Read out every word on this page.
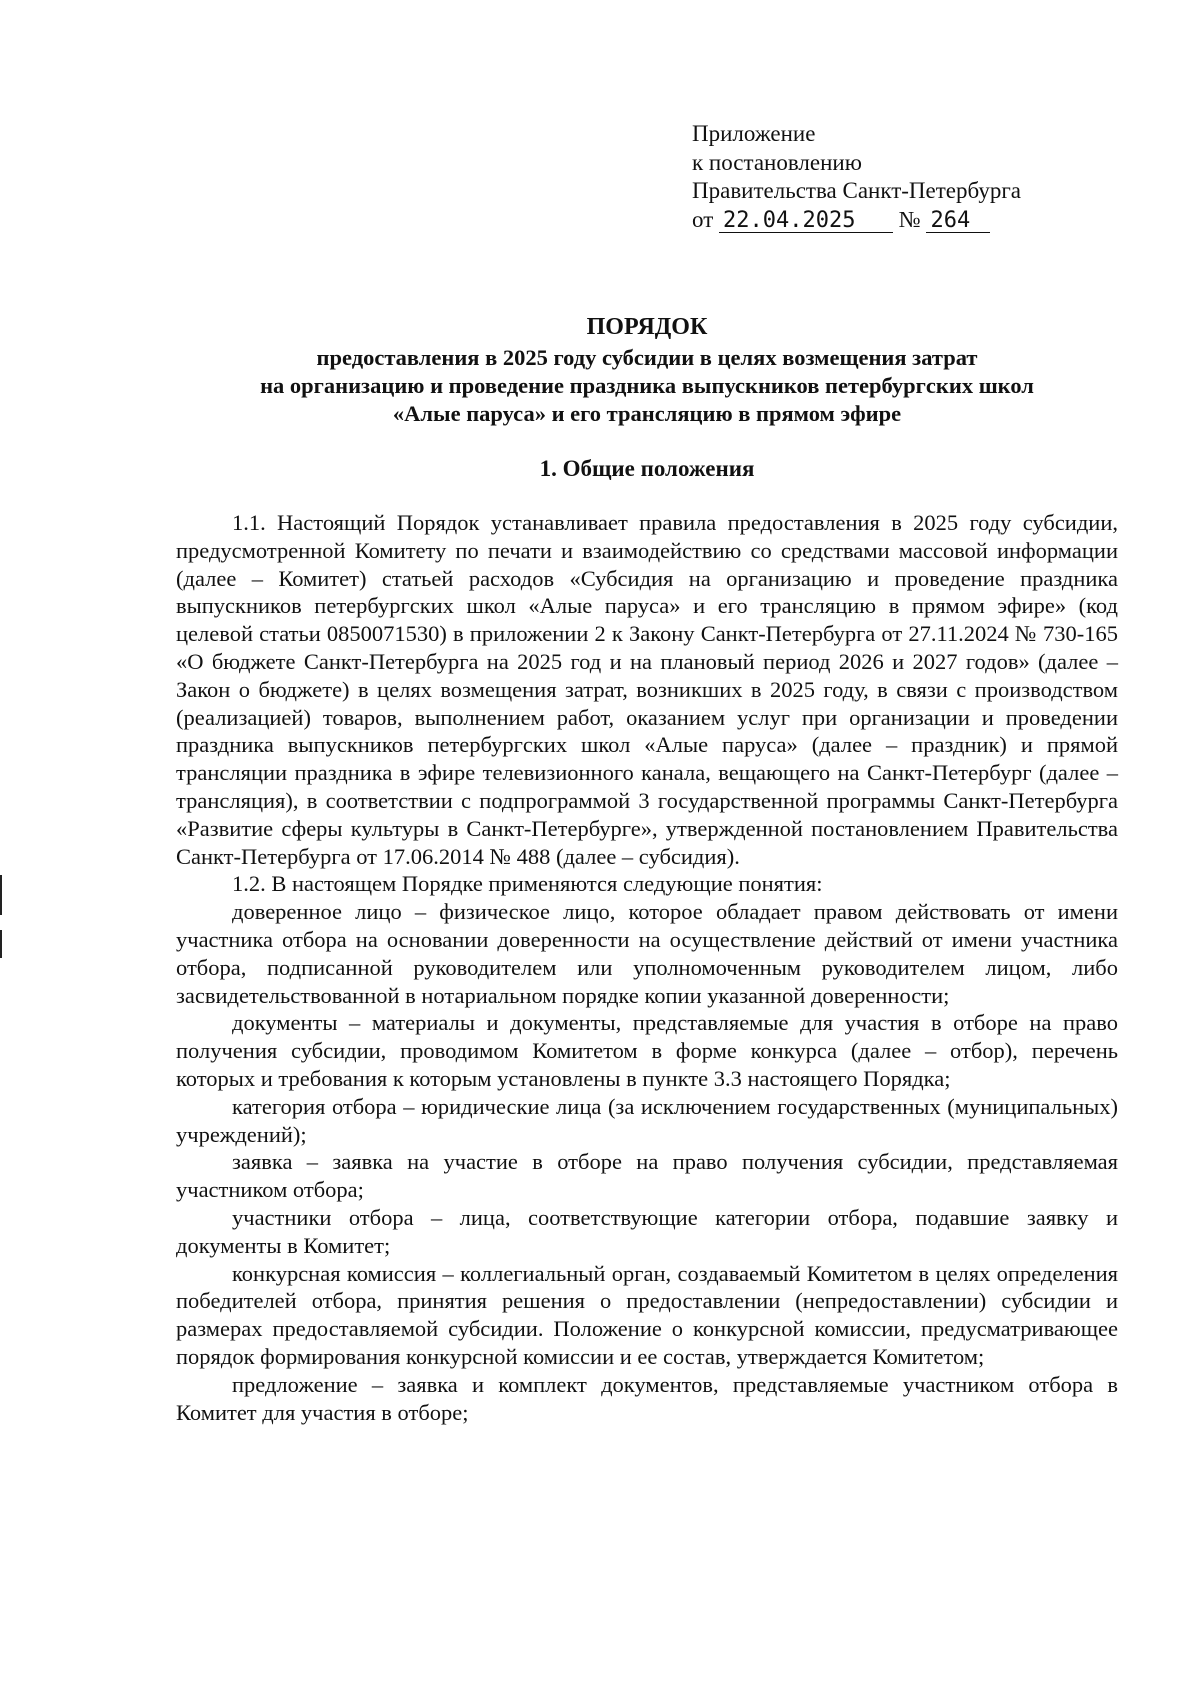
Приложение
к постановлению
Правительства Санкт-Петербурга
от 22.04.2025 № 264
ПОРЯДОК
предоставления в 2025 году субсидии в целях возмещения затрат
на организацию и проведение праздника выпускников петербургских школ
«Алые паруса» и его трансляцию в прямом эфире
1. Общие положения

1.1. Настоящий Порядок устанавливает правила предоставления в 2025 году субсидии, предусмотренной Комитету по печати и взаимодействию со средствами массовой информации (далее – Комитет) статьей расходов «Субсидия на организацию и проведение праздника выпускников петербургских школ «Алые паруса» и его трансляцию в прямом эфире» (код целевой статьи 0850071530) в приложении 2 к Закону Санкт-Петербурга от 27.11.2024 № 730-165 «О бюджете Санкт-Петербурга на 2025 год и на плановый период 2026 и 2027 годов» (далее – Закон о бюджете) в целях возмещения затрат, возникших в 2025 году, в связи с производством (реализацией) товаров, выполнением работ, оказанием услуг при организации и проведении праздника выпускников петербургских школ «Алые паруса» (далее – праздник) и прямой трансляции праздника в эфире телевизионного канала, вещающего на Санкт-Петербург (далее – трансляция), в соответствии с подпрограммой 3 государственной программы Санкт-Петербурга «Развитие сферы культуры в Санкт-Петербурге», утвержденной постановлением Правительства Санкт-Петербурга от 17.06.2014 № 488 (далее – субсидия).

1.2. В настоящем Порядке применяются следующие понятия:

доверенное лицо – физическое лицо, которое обладает правом действовать от имени участника отбора на основании доверенности на осуществление действий от имени участника отбора, подписанной руководителем или уполномоченным руководителем лицом, либо засвидетельствованной в нотариальном порядке копии указанной доверенности;

документы – материалы и документы, представляемые для участия в отборе на право получения субсидии, проводимом Комитетом в форме конкурса (далее – отбор), перечень которых и требования к которым установлены в пункте 3.3 настоящего Порядка;

категория отбора – юридические лица (за исключением государственных (муниципальных) учреждений);

заявка – заявка на участие в отборе на право получения субсидии, представляемая участником отбора;

участники отбора – лица, соответствующие категории отбора, подавшие заявку и документы в Комитет;

конкурсная комиссия – коллегиальный орган, создаваемый Комитетом в целях определения победителей отбора, принятия решения о предоставлении (непредоставлении) субсидии и размерах предоставляемой субсидии. Положение о конкурсной комиссии, предусматривающее порядок формирования конкурсной комиссии и ее состав, утверждается Комитетом;

предложение – заявка и комплект документов, представляемые участником отбора в Комитет для участия в отборе;
